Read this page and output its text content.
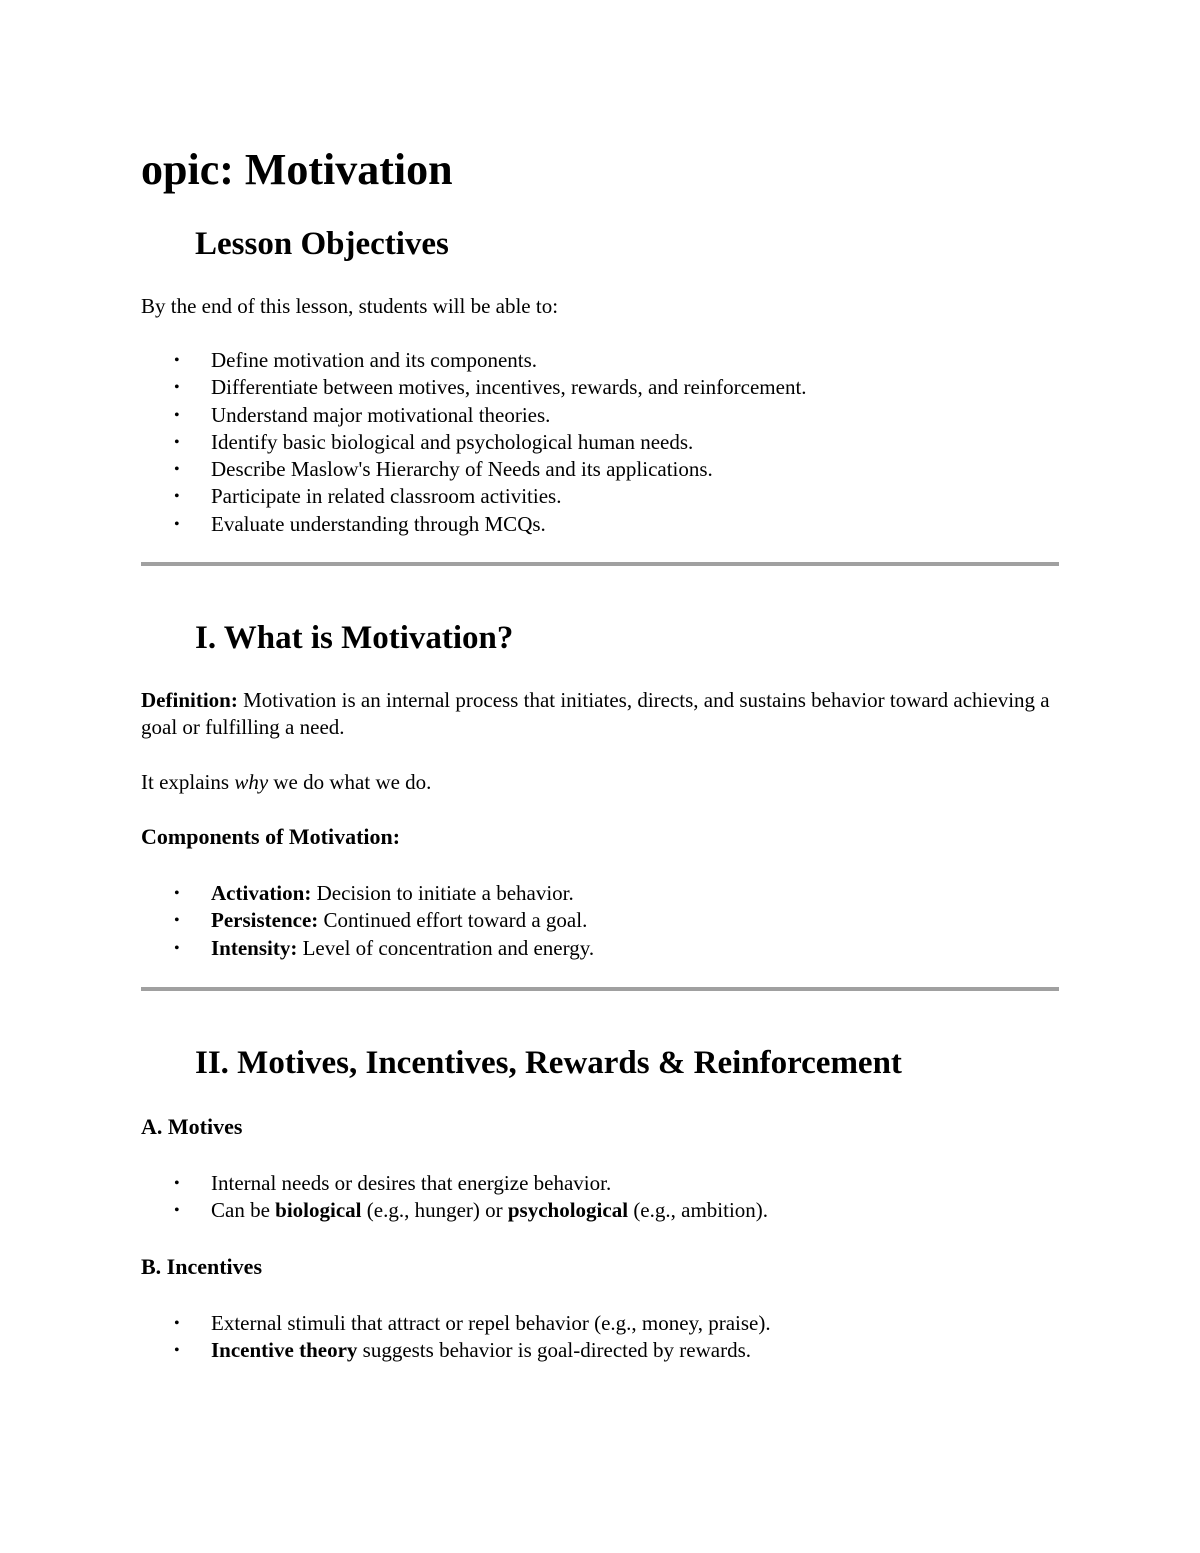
opic: Motivation
Lesson Objectives

By the end of this lesson, students will be able to:

• Define motivation and its components.
• Differentiate between motives, incentives, rewards, and reinforcement.
• Understand major motivational theories.
• Identify basic biological and psychological human needs.
• Describe Maslow's Hierarchy of Needs and its applications.
• Participate in related classroom activities.
• Evaluate understanding through MCQs.
I. What is Motivation?

Definition: Motivation is an internal process that initiates, directs, and sustains behavior toward achieving a goal or fulfilling a need.

It explains why we do what we do.

Components of Motivation:
• Activation: Decision to initiate a behavior.
• Persistence: Continued effort toward a goal.
• Intensity: Level of concentration and energy.
II. Motives, Incentives, Rewards & Reinforcement
A. Motives
• Internal needs or desires that energize behavior.
• Can be biological (e.g., hunger) or psychological (e.g., ambition).
B. Incentives
• External stimuli that attract or repel behavior (e.g., money, praise).
• Incentive theory suggests behavior is goal-directed by rewards.
